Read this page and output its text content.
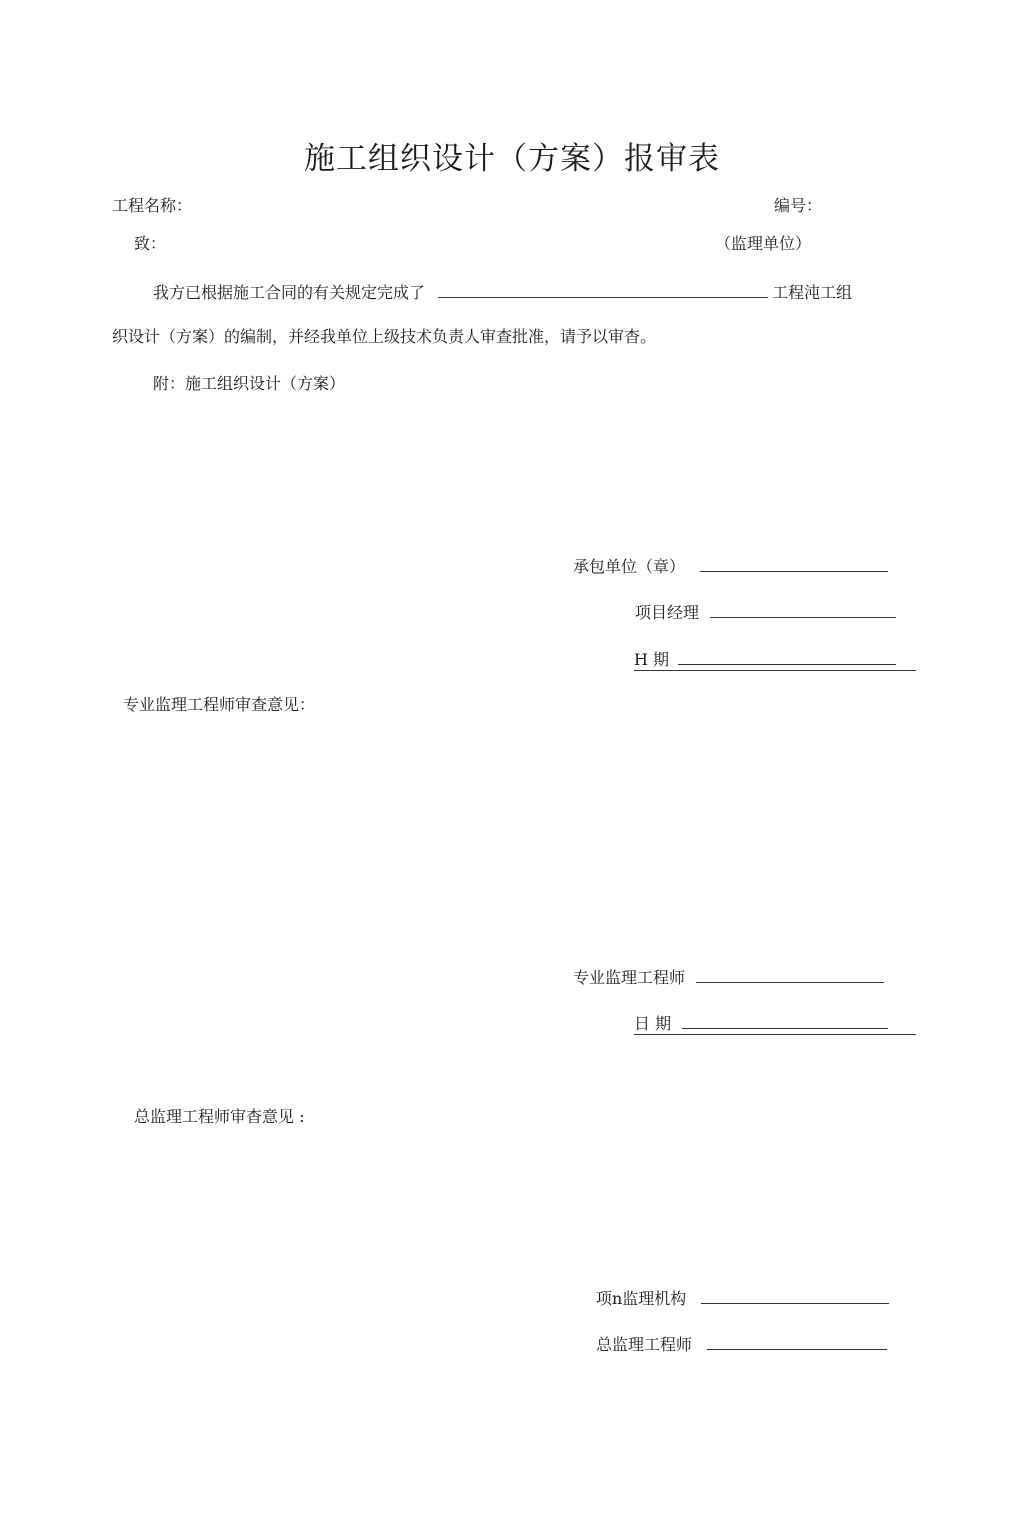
施工组织设计（方案）报审表
工程名称：	编号：
致：	（监理单位）
我方已根据施工合同的有关规定完成了	工程沌工组
织设计（方案）的编制，并经我单位上级技术负责人审查批准，请予以审杳。
附：施工组织设计（方案）
承包单位（章）
项目经理
H 期
专业监理工程师审查意见：
专业监理工程师
日 期
总监理工程师审杳意见 :
项n监理机构
总监理工程师
